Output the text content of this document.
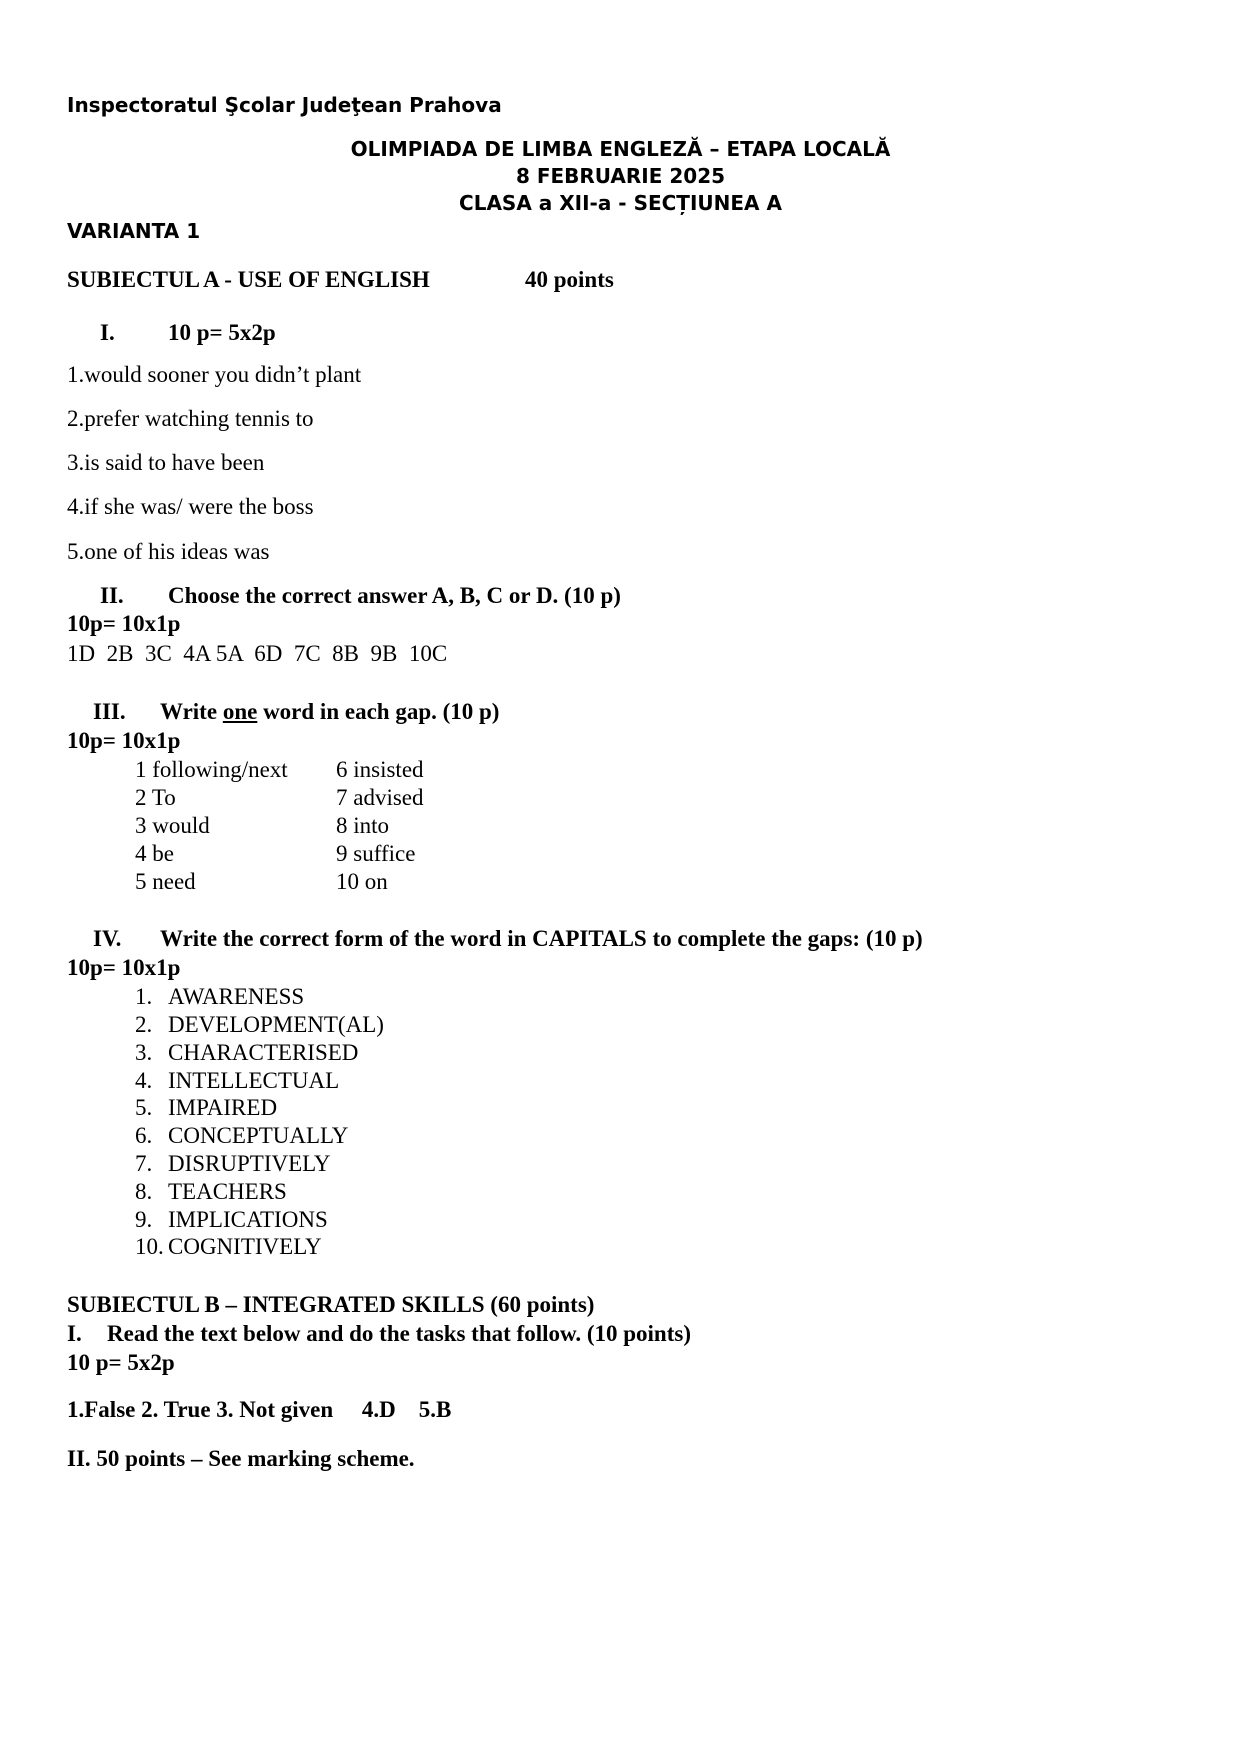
Inspectoratul Şcolar Judeţean Prahova
OLIMPIADA DE LIMBA ENGLEZĂ – ETAPA LOCALĂ
8 FEBRUARIE 2025
CLASA a XII-a - SECȚIUNEA A
VARIANTA 1
SUBIECTUL A - USE OF ENGLISH	40 points
I. 10 p= 5x2p
1.would sooner you didn’t plant
2.prefer watching tennis to
3.is said to have been
4.if she was/ were the boss
5.one of his ideas was
II. Choose the correct answer A, B, C or D. (10 p)
10p= 10x1p
1D  2B  3C  4A 5A  6D  7C  8B  9B  10C
III. Write one word in each gap. (10 p)
10p= 10x1p
1 following/next
2 To
3 would
4 be
5 need
6 insisted
7 advised
8 into
9 suffice
10 on
IV. Write the correct form of the word in CAPITALS to complete the gaps: (10 p)
10p= 10x1p
1.
2.
3.
4.
5.
6.
7.
8.
9.
10.
AWARENESS
DEVELOPMENT(AL)
CHARACTERISED
INTELLECTUAL
IMPAIRED
CONCEPTUALLY
DISRUPTIVELY
TEACHERS
IMPLICATIONS
COGNITIVELY
SUBIECTUL B – INTEGRATED SKILLS (60 points)
I. Read the text below and do the tasks that follow. (10 points)
10 p= 5x2p
1.False 2. True 3. Not given     4.D    5.B
II. 50 points – See marking scheme.
